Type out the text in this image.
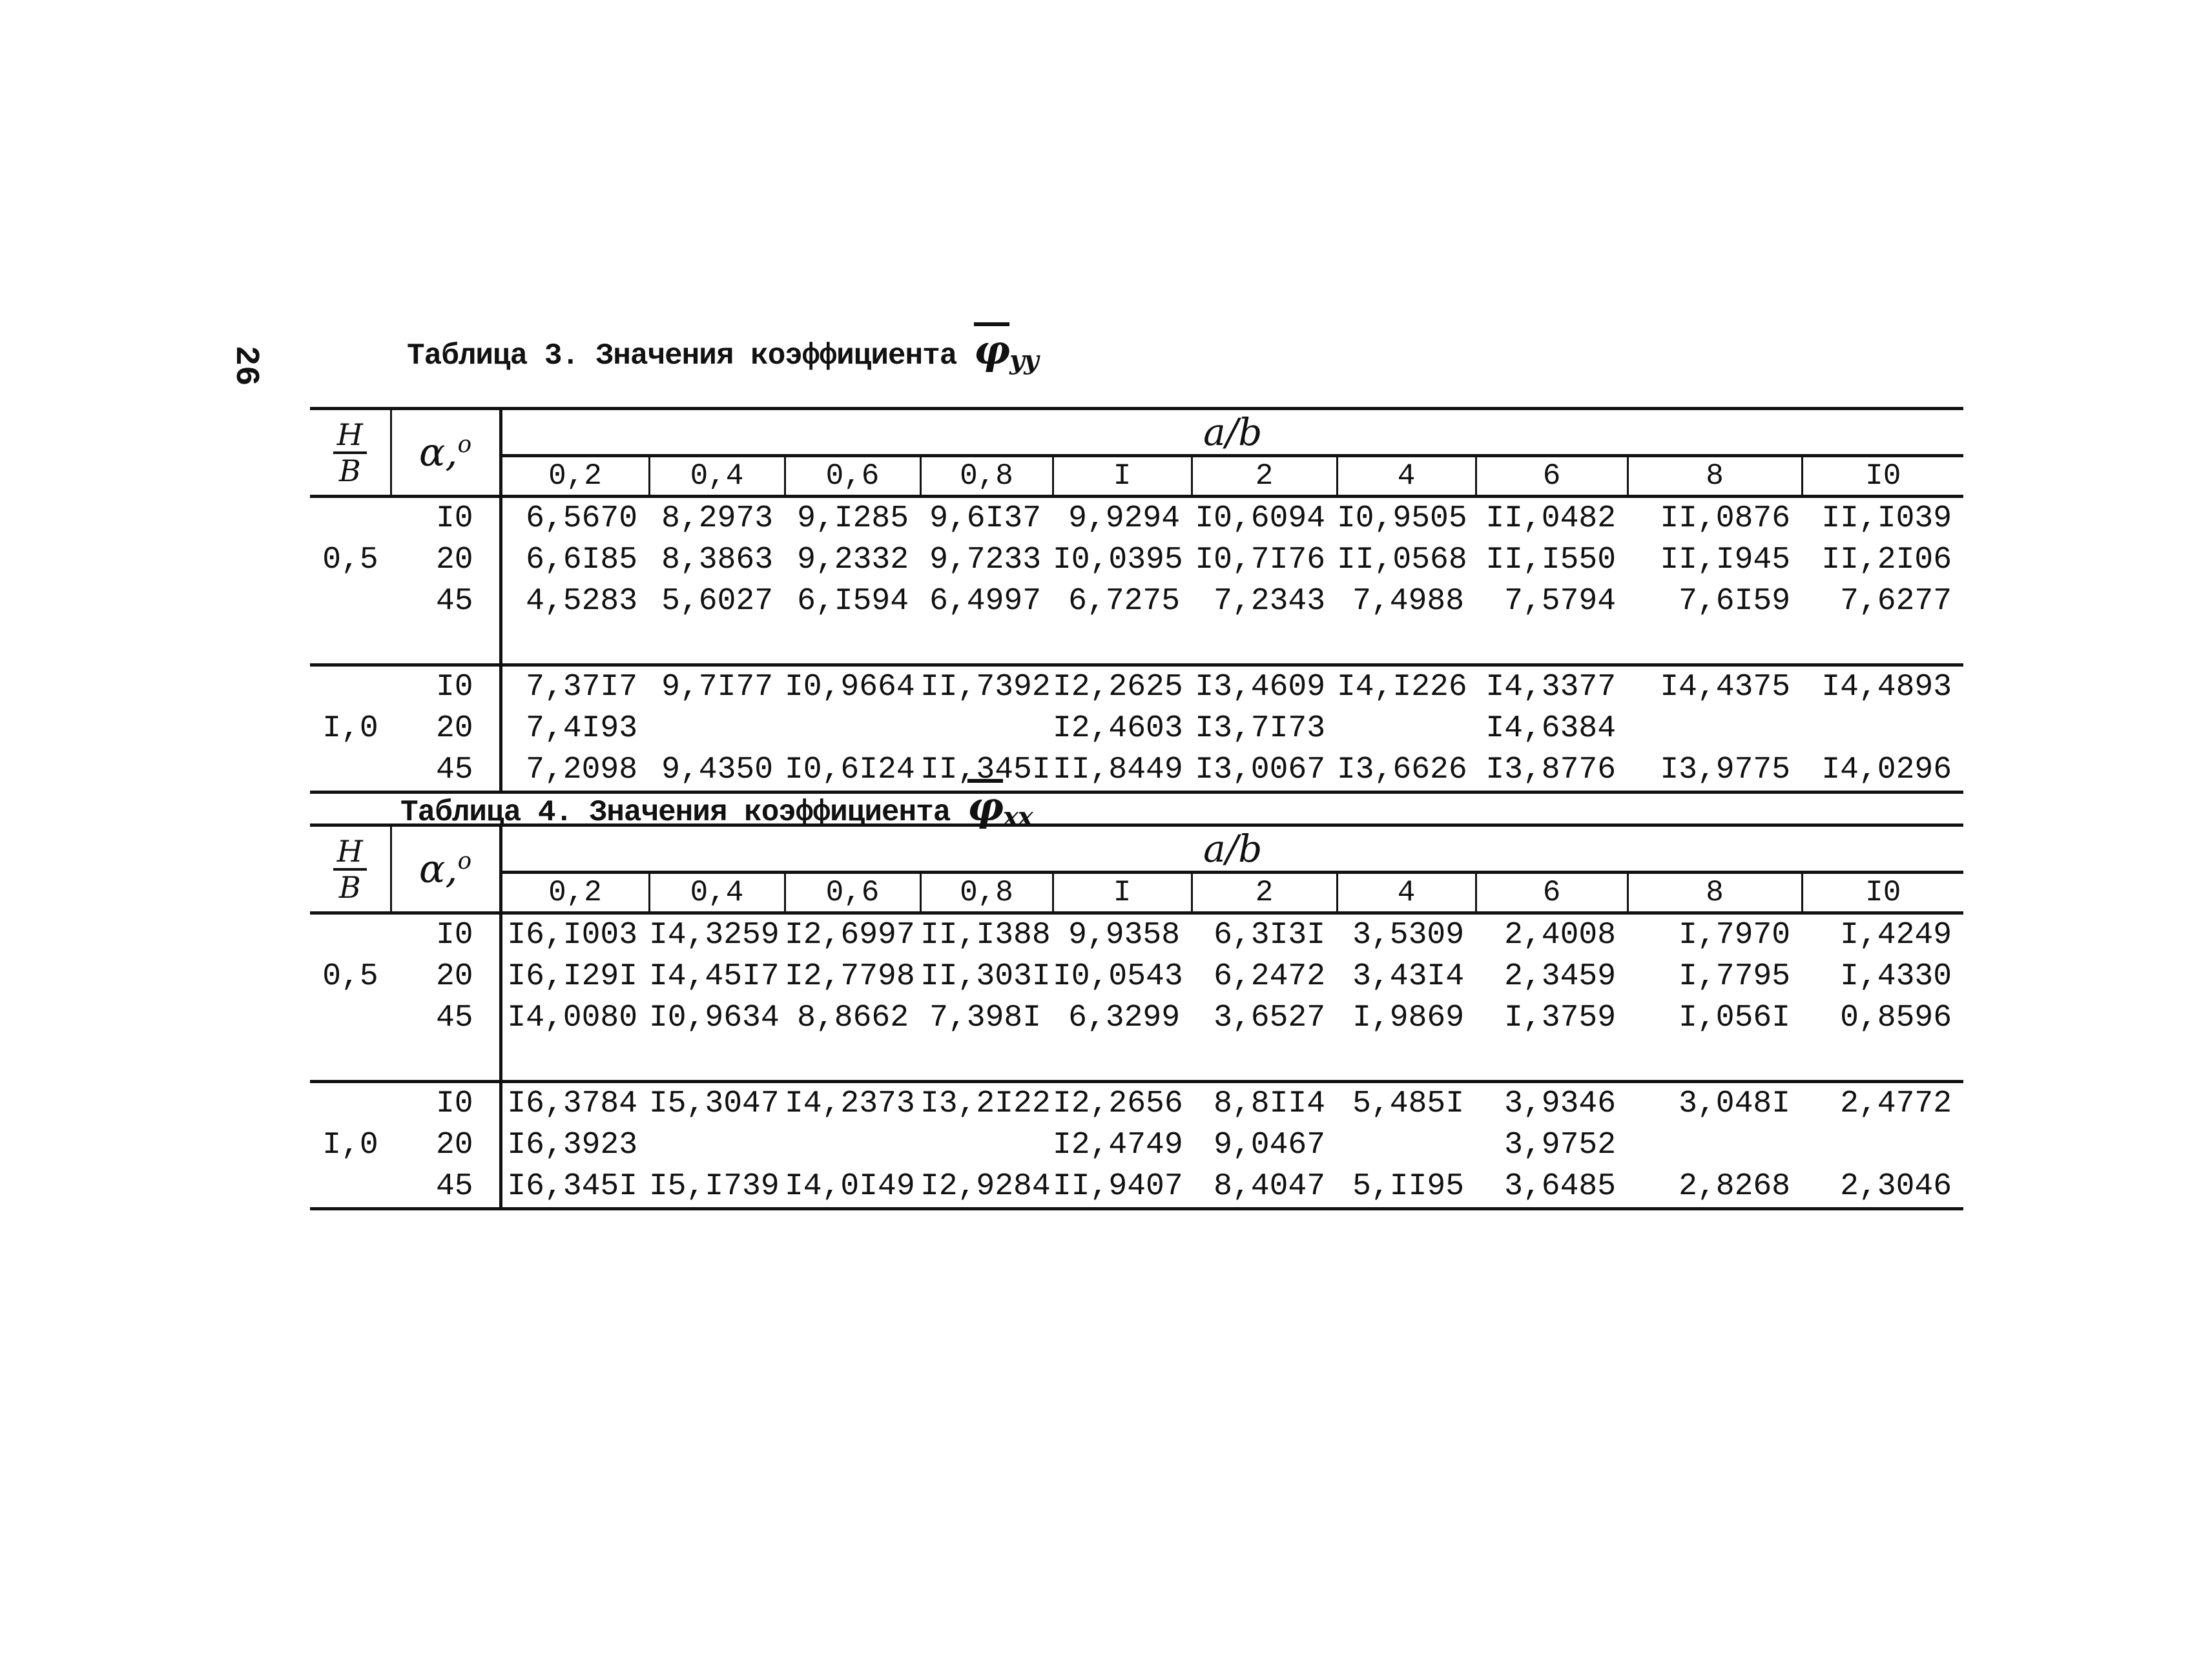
26	Таблица 3. Значения коэффициента $\overline{\varphi}_{yy}$
H
B	α,$^o$	a/b									
		0,2	0,4	0,6	0,8	I	2	4	6	8	I0
0,5	I0	6,5670	8,2973	9,I285	9,6I37	9,9294	I0,6094	I0,9505	II,0482	II,0876	II,I039
	20	6,6I85	8,3863	9,2332	9,7233	I0,0395	I0,7I76	II,0568	II,I550	II,I945	II,2I06
	45	4,5283	5,6027	6,I594	6,4997	6,7275	7,2343	7,4988	7,5794	7,6I59	7,6277

I,0	I0	7,37I7	9,7I77	I0,9664	II,7392	I2,2625	I3,4609	I4,I226	I4,3377	I4,4375	I4,4893
	20	7,4I93				I2,4603	I3,7I73		I4,6384		
	45	7,2098	9,4350	I0,6I24	II,345I	II,8449	I3,0067	I3,6626	I3,8776	I3,9775	I4,0296
Таблица 4. Значения коэффициента $\overline{\varphi}_{xx}$
H
B	α,$^o$	a/b									
		0,2	0,4	0,6	0,8	I	2	4	6	8	I0
0,5	I0	I6,I003	I4,3259	I2,6997	II,I388	9,9358	6,3I3I	3,5309	2,4008	I,7970	I,4249
	20	I6,I29I	I4,45I7	I2,7798	II,303I	I0,0543	6,2472	3,43I4	2,3459	I,7795	I,4330
	45	I4,0080	I0,9634	8,8662	7,398I	6,3299	3,6527	I,9869	I,3759	I,056I	0,8596

I,0	I0	I6,3784	I5,3047	I4,2373	I3,2I22	I2,2656	8,8II4	5,485I	3,9346	3,048I	2,4772
	20	I6,3923				I2,4749	9,0467		3,9752		
	45	I6,345I	I5,I739	I4,0I49	I2,9284	II,9407	8,4047	5,II95	3,6485	2,8268	2,3046
